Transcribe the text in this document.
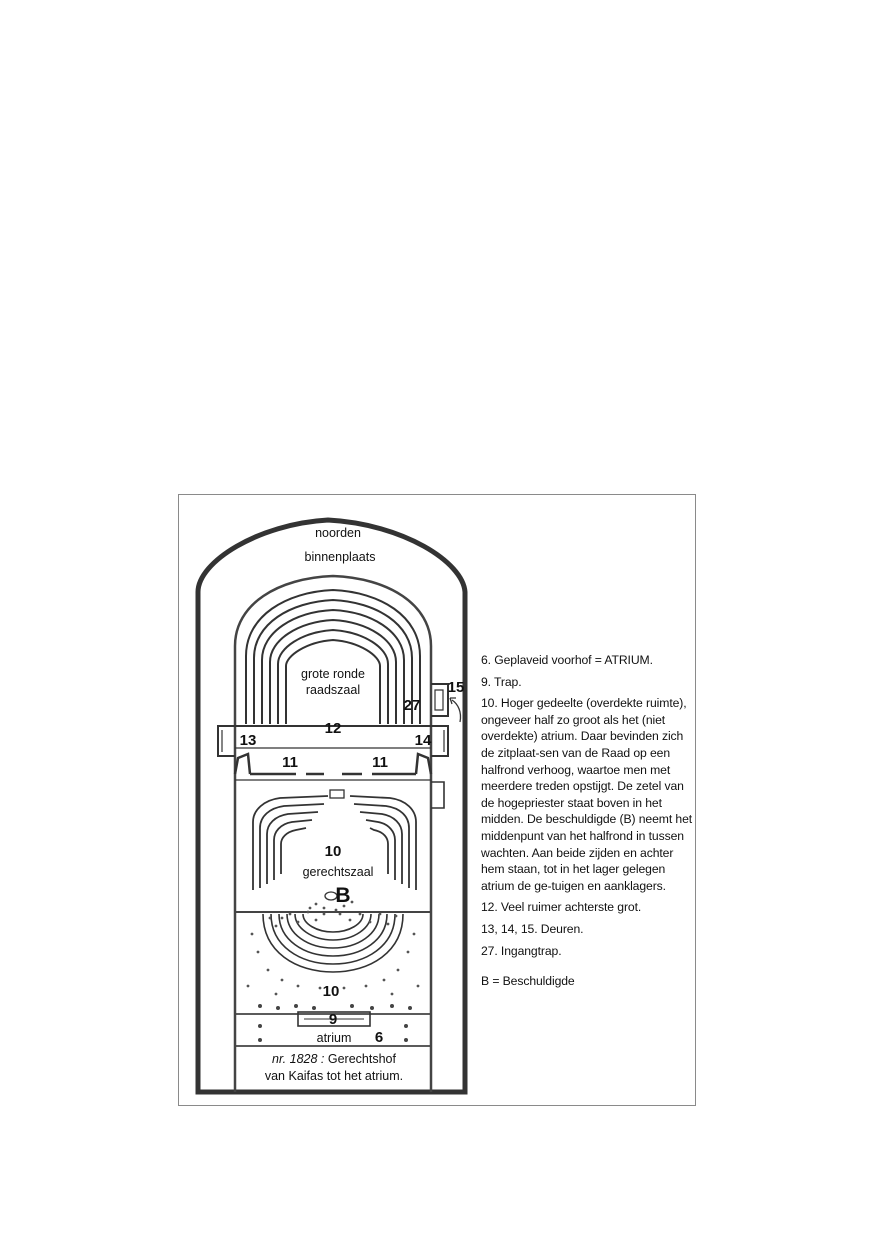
noorden
binnenplaats
grote ronde
raadszaal
12
13	14
15
27
11	11
10
gerechtszaal
B
10
9
atrium 6
nr. 1828 : Gerechtshof
van Kaifas tot het atrium.

6. Geplaveid voorhof = ATRIUM.

9. Trap.

10. Hoger gedeelte (overdekte ruimte), ongeveer half zo groot als het (niet overdekte) atrium. Daar bevinden zich de zitplaat-sen van de Raad op een halfrond verhoog, waartoe men met meerdere treden opstijgt. De zetel van de hogepriester staat boven in het midden. De beschuldigde (B) neemt het middenpunt van het halfrond in tussen wachten. Aan beide zijden en achter hem staan, tot in het lager gelegen atrium de ge-tuigen en aanklagers.

12. Veel ruimer achterste grot.

13, 14, 15. Deuren.

27. Ingangtrap.

B = Beschuldigde
